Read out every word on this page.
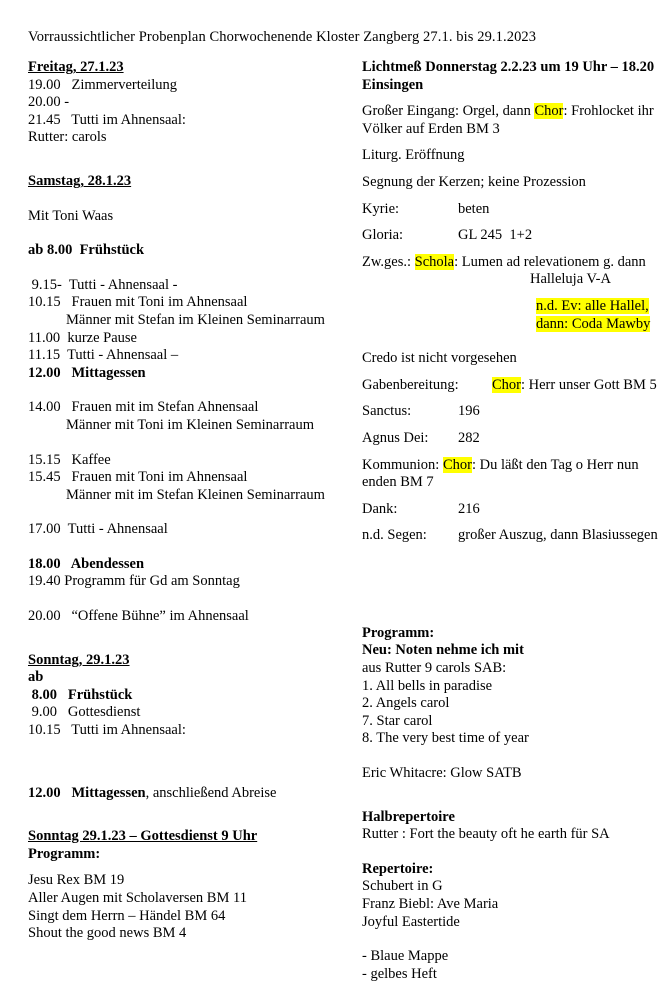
Vorraussichtlicher Probenplan Chorwochenende Kloster Zangberg 27.1. bis 29.1.2023
Freitag, 27.1.23
19.00   Zimmerverteilung
20.00 -
21.45   Tutti im Ahnensaal:
Rutter: carols
Samstag, 28.1.23
Mit Toni Waas
ab 8.00  Frühstück
9.15-  Tutti - Ahnensaal -
10.15   Frauen mit Toni im Ahnensaal
Männer mit Stefan im Kleinen Seminarraum
11.00  kurze Pause
11.15  Tutti - Ahnensaal –
12.00   Mittagessen
14.00   Frauen mit im Stefan Ahnensaal
Männer mit Toni im Kleinen Seminarraum
15.15   Kaffee
15.45   Frauen mit Toni im Ahnensaal
Männer mit im Stefan Kleinen Seminarraum
17.00  Tutti - Ahnensaal
18.00   Abendessen
19.40 Programm für Gd am Sonntag
20.00   “Offene Bühne” im Ahnensaal
Sonntag, 29.1.23
ab
8.00   Frühstück
9.00   Gottesdienst
10.15   Tutti im Ahnensaal:
12.00   Mittagessen, anschließend Abreise
Sonntag 29.1.23 – Gottesdienst 9 Uhr
Programm:
Jesu Rex BM 19
Aller Augen mit Scholaversen BM 11
Singt dem Herrn – Händel BM 64
Shout the good news BM 4
Lichtmeß Donnerstag 2.2.23 um 19 Uhr – 18.20
Einsingen
Großer Eingang: Orgel, dann Chor: Frohlocket ihr
Völker auf Erden BM 3
Liturg. Eröffnung
Segnung der Kerzen; keine Prozession
Kyrie:	beten
Gloria:	GL 245  1+2
Zw.ges.: Schola: Lumen ad relevationem g. dann
Halleluja V-A
n.d. Ev: alle Hallel,
dann: Coda Mawby
Credo ist nicht vorgesehen
Gabenbereitung:	Chor: Herr unser Gott BM 5
Sanctus:	196
Agnus Dei:	282
Kommunion: Chor: Du läßt den Tag o Herr nun
enden BM 7
Dank:	216
n.d. Segen:	großer Auszug, dann Blasiussegen
Programm:
Neu: Noten nehme ich mit
aus Rutter 9 carols SAB:
1. All bells in paradise
2. Angels carol
7. Star carol
8. The very best time of year
Eric Whitacre: Glow SATB
Halbrepertoire
Rutter : Fort the beauty oft he earth für SA
Repertoire:
Schubert in G
Franz Biebl: Ave Maria
Joyful Eastertide
- Blaue Mappe
- gelbes Heft
